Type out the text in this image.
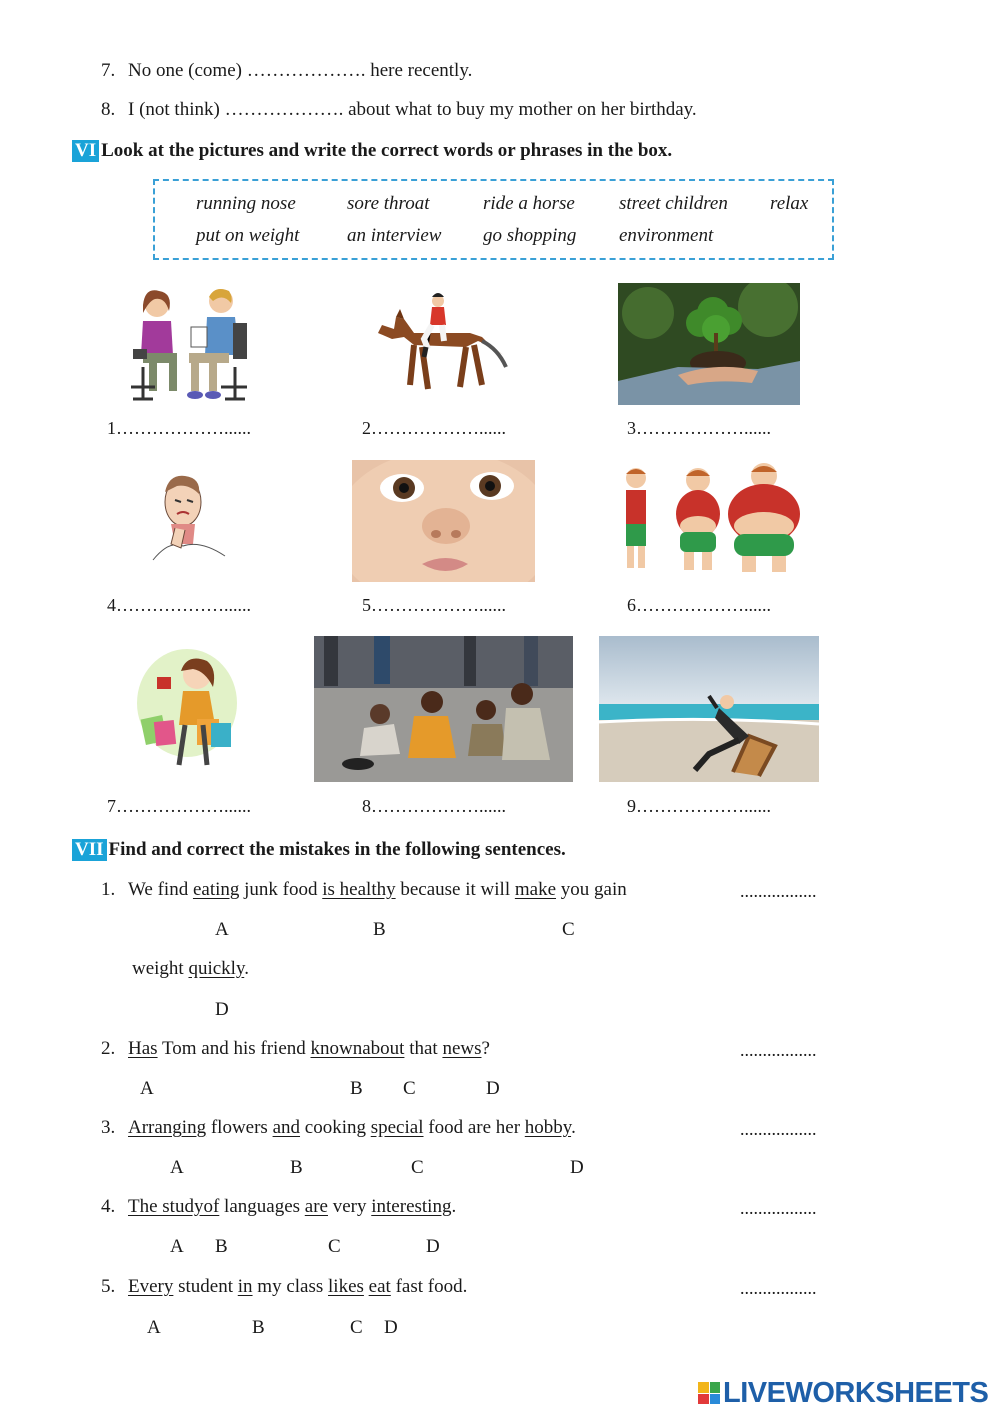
7. No one (come) ………………. here recently.
8. I (not think) ………………. about what to buy my mother on her birthday.
VI Look at the pictures and write the correct words or phrases in the box.
running nose	sore throat	ride a horse street children relax
put on weight	an interview go shopping environment
1………………......	2………………......	3………………......
4………………......	5………………......	6………………......
7………………......	8………………......	9………………......
VII Find and correct the mistakes in the following sentences.
1. We find eating junk food is healthy because it will make you gain	.................
A	B	C
weight quickly.
D
2. Has Tom and his friend knownabout that news?	.................
A	B C	D
3. Arranging flowers and cooking special food are her hobby.	.................
A	B	C	D
4. The studyof languages are very interesting.	.................
A B	C	D
5. Every student in my class likes eat fast food.	.................
A	B	C D
LIVEWORKSHEETS
